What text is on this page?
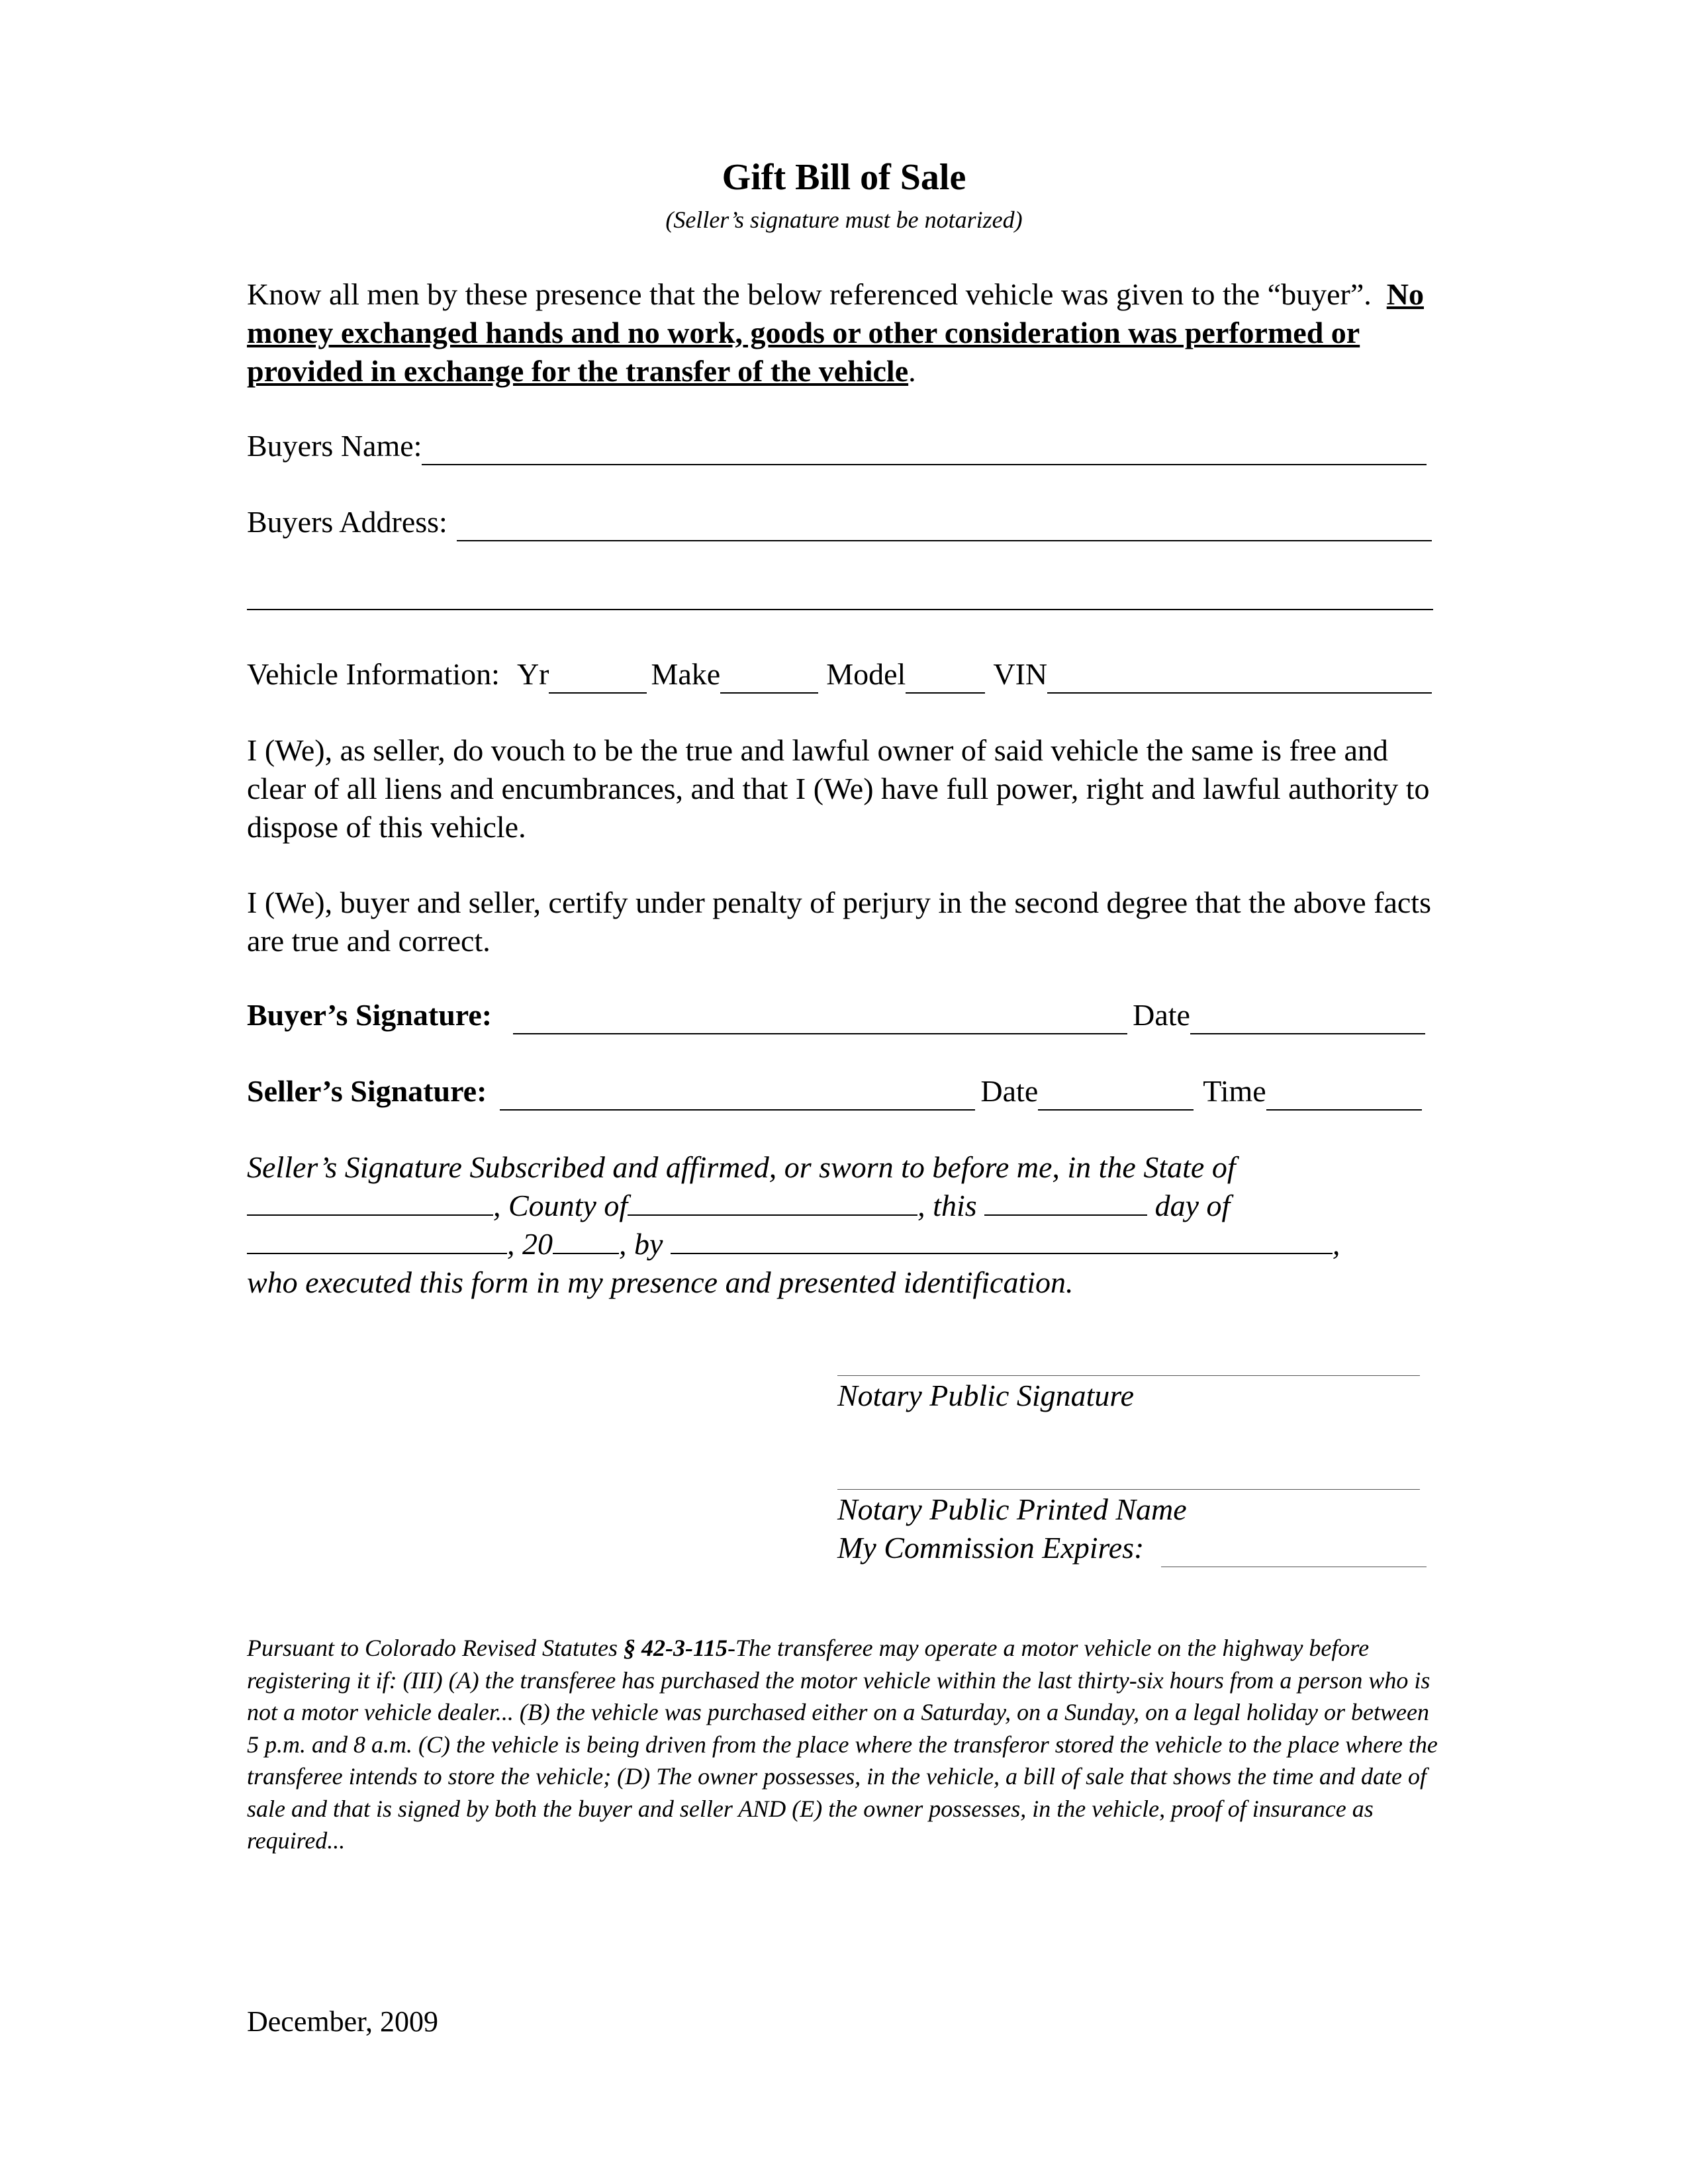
Gift Bill of Sale
(Seller’s signature must be notarized)
Know all men by these presence that the below referenced vehicle was given to the “buyer”. No money exchanged hands and no work, goods or other consideration was performed or provided in exchange for the transfer of the vehicle.
Buyers Name:
Buyers Address:
Vehicle Information: Yr	Make	Model	VIN
I (We), as seller, do vouch to be the true and lawful owner of said vehicle the same is free and clear of all liens and encumbrances, and that I (We) have full power, right and lawful authority to dispose of this vehicle.
I (We), buyer and seller, certify under penalty of perjury in the second degree that the above facts are true and correct.
Buyer’s Signature:	Date
Seller’s Signature:	Date	Time
Seller’s Signature Subscribed and affirmed, or sworn to before me, in the State of
, County of	, this	day of
, 20 , by	,
who executed this form in my presence and presented identification.
Notary Public Signature
Notary Public Printed Name
My Commission Expires:
Pursuant to Colorado Revised Statutes § 42-3-115-The transferee may operate a motor vehicle on the highway before registering it if: (III) (A) the transferee has purchased the motor vehicle within the last thirty-six hours from a person who is not a motor vehicle dealer... (B) the vehicle was purchased either on a Saturday, on a Sunday, on a legal holiday or between 5 p.m. and 8 a.m. (C) the vehicle is being driven from the place where the transferor stored the vehicle to the place where the transferee intends to store the vehicle; (D) The owner possesses, in the vehicle, a bill of sale that shows the time and date of sale and that is signed by both the buyer and seller AND (E) the owner possesses, in the vehicle, proof of insurance as required...
December, 2009
